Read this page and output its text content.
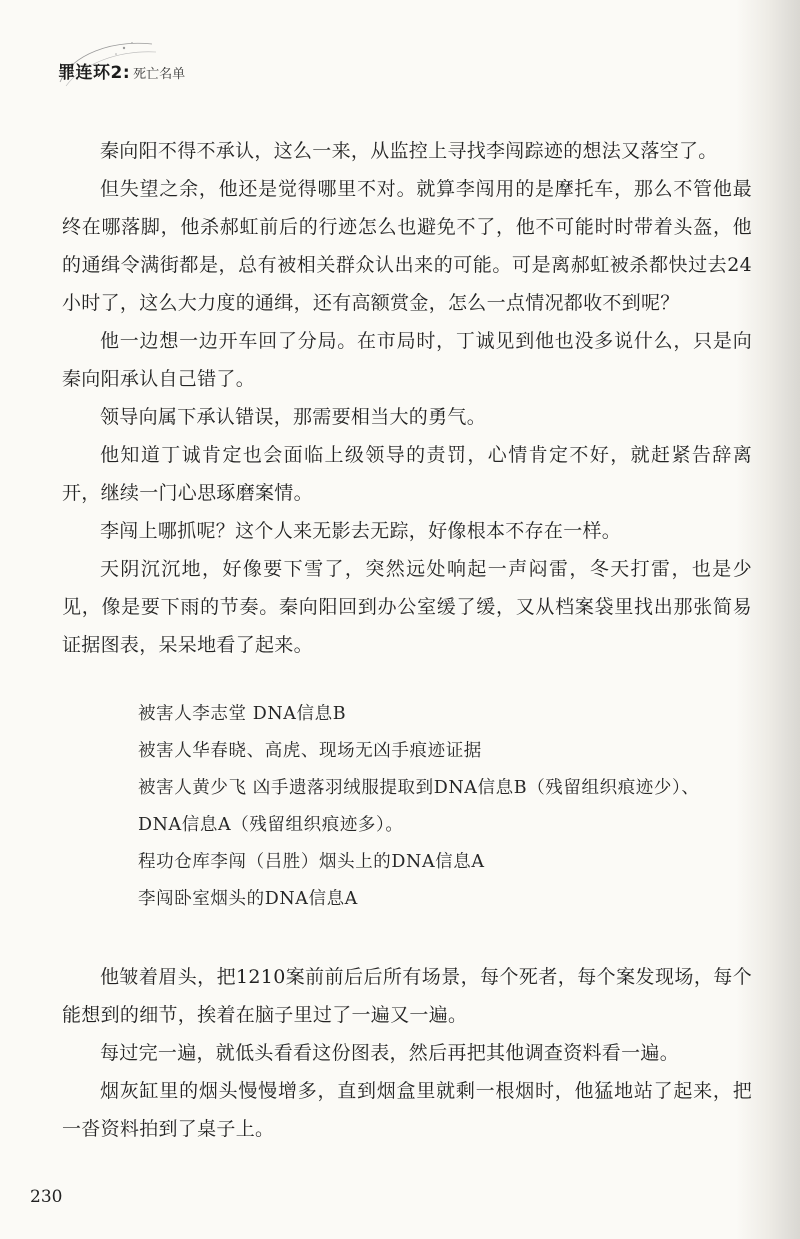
罪连环2: 死亡名单

秦向阳不得不承认，这么一来，从监控上寻找李闯踪迹的想法又落空了。

但失望之余，他还是觉得哪里不对。就算李闯用的是摩托车，那么不管他最终在哪落脚，他杀郝虹前后的行迹怎么也避免不了，他不可能时时带着头盔，他的通缉令满街都是，总有被相关群众认出来的可能。可是离郝虹被杀都快过去24小时了，这么大力度的通缉，还有高额赏金，怎么一点情况都收不到呢？

他一边想一边开车回了分局。在市局时，丁诚见到他也没多说什么，只是向秦向阳承认自己错了。

领导向属下承认错误，那需要相当大的勇气。

他知道丁诚肯定也会面临上级领导的责罚，心情肯定不好，就赶紧告辞离开，继续一门心思琢磨案情。

李闯上哪抓呢？这个人来无影去无踪，好像根本不存在一样。

天阴沉沉地，好像要下雪了，突然远处响起一声闷雷，冬天打雷，也是少见，像是要下雨的节奏。秦向阳回到办公室缓了缓，又从档案袋里找出那张简易证据图表，呆呆地看了起来。

被害人李志堂 DNA信息B
被害人华春晓、高虎、现场无凶手痕迹证据
被害人黄少飞 凶手遗落羽绒服提取到DNA信息B（残留组织痕迹少）、
DNA信息A（残留组织痕迹多）。
程功仓库李闯（吕胜）烟头上的DNA信息A
李闯卧室烟头的DNA信息A

他皱着眉头，把1210案前前后后所有场景，每个死者，每个案发现场，每个能想到的细节，挨着在脑子里过了一遍又一遍。

每过完一遍，就低头看看这份图表，然后再把其他调查资料看一遍。

烟灰缸里的烟头慢慢增多，直到烟盒里就剩一根烟时，他猛地站了起来，把一沓资料拍到了桌子上。

230
